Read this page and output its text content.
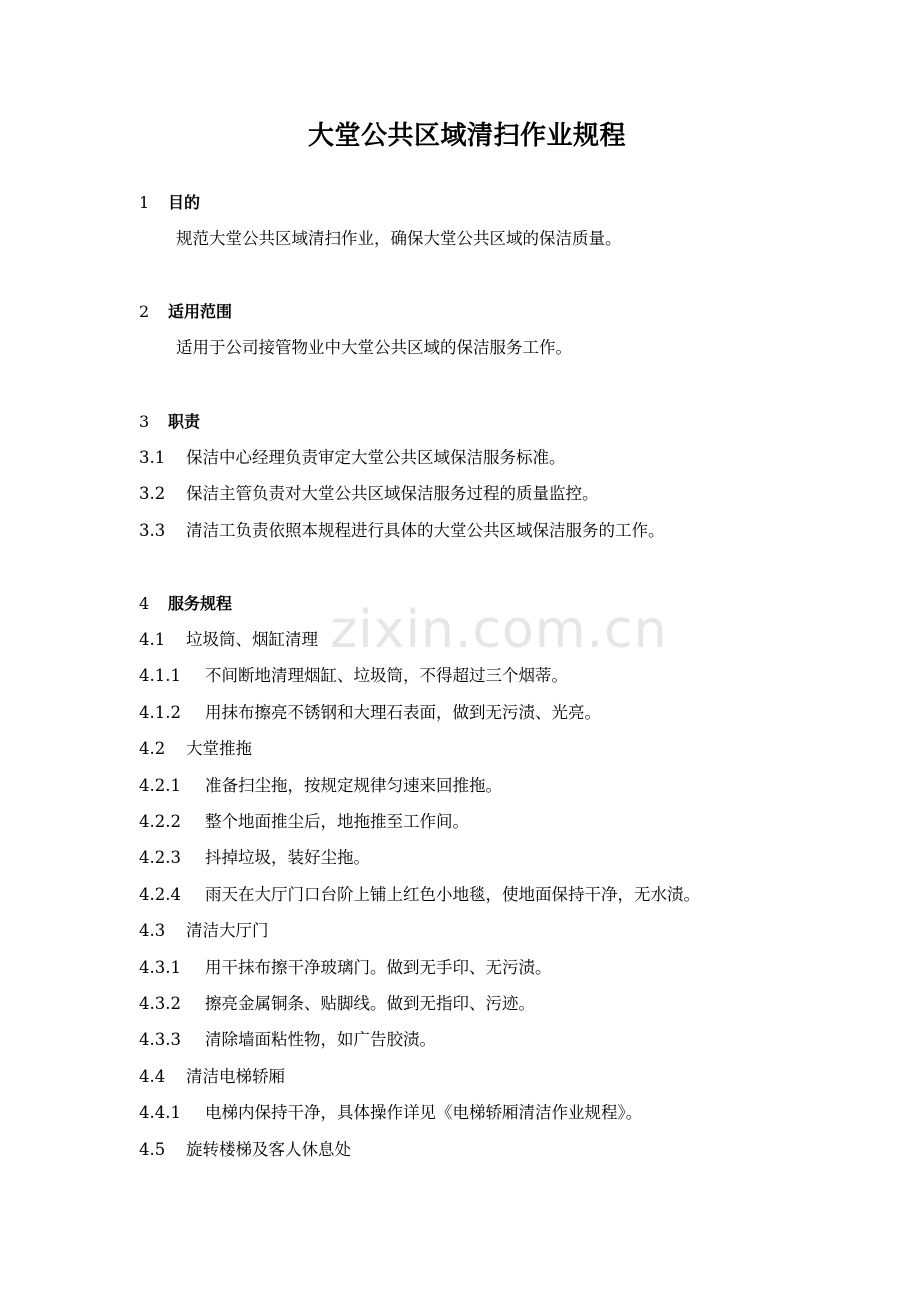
zixin.com.cn
大堂公共区域清扫作业规程
1 目的
规范大堂公共区域清扫作业，确保大堂公共区域的保洁质量。
2 适用范围
适用于公司接管物业中大堂公共区域的保洁服务工作。
3 职责
3.1 保洁中心经理负责审定大堂公共区域保洁服务标准。
3.2 保洁主管负责对大堂公共区域保洁服务过程的质量监控。
3.3 清洁工负责依照本规程进行具体的大堂公共区域保洁服务的工作。
4 服务规程
4.1 垃圾筒、烟缸清理
4.1.1 不间断地清理烟缸、垃圾筒，不得超过三个烟蒂。
4.1.2 用抹布擦亮不锈钢和大理石表面，做到无污渍、光亮。
4.2 大堂推拖
4.2.1 准备扫尘拖，按规定规律匀速来回推拖。
4.2.2 整个地面推尘后，地拖推至工作间。
4.2.3 抖掉垃圾，装好尘拖。
4.2.4 雨天在大厅门口台阶上铺上红色小地毯，使地面保持干净，无水渍。
4.3 清洁大厅门
4.3.1 用干抹布擦干净玻璃门。做到无手印、无污渍。
4.3.2 擦亮金属铜条、贴脚线。做到无指印、污迹。
4.3.3 清除墙面粘性物，如广告胶渍。
4.4 清洁电梯轿厢
4.4.1 电梯内保持干净，具体操作详见《电梯轿厢清洁作业规程》。
4.5 旋转楼梯及客人休息处
